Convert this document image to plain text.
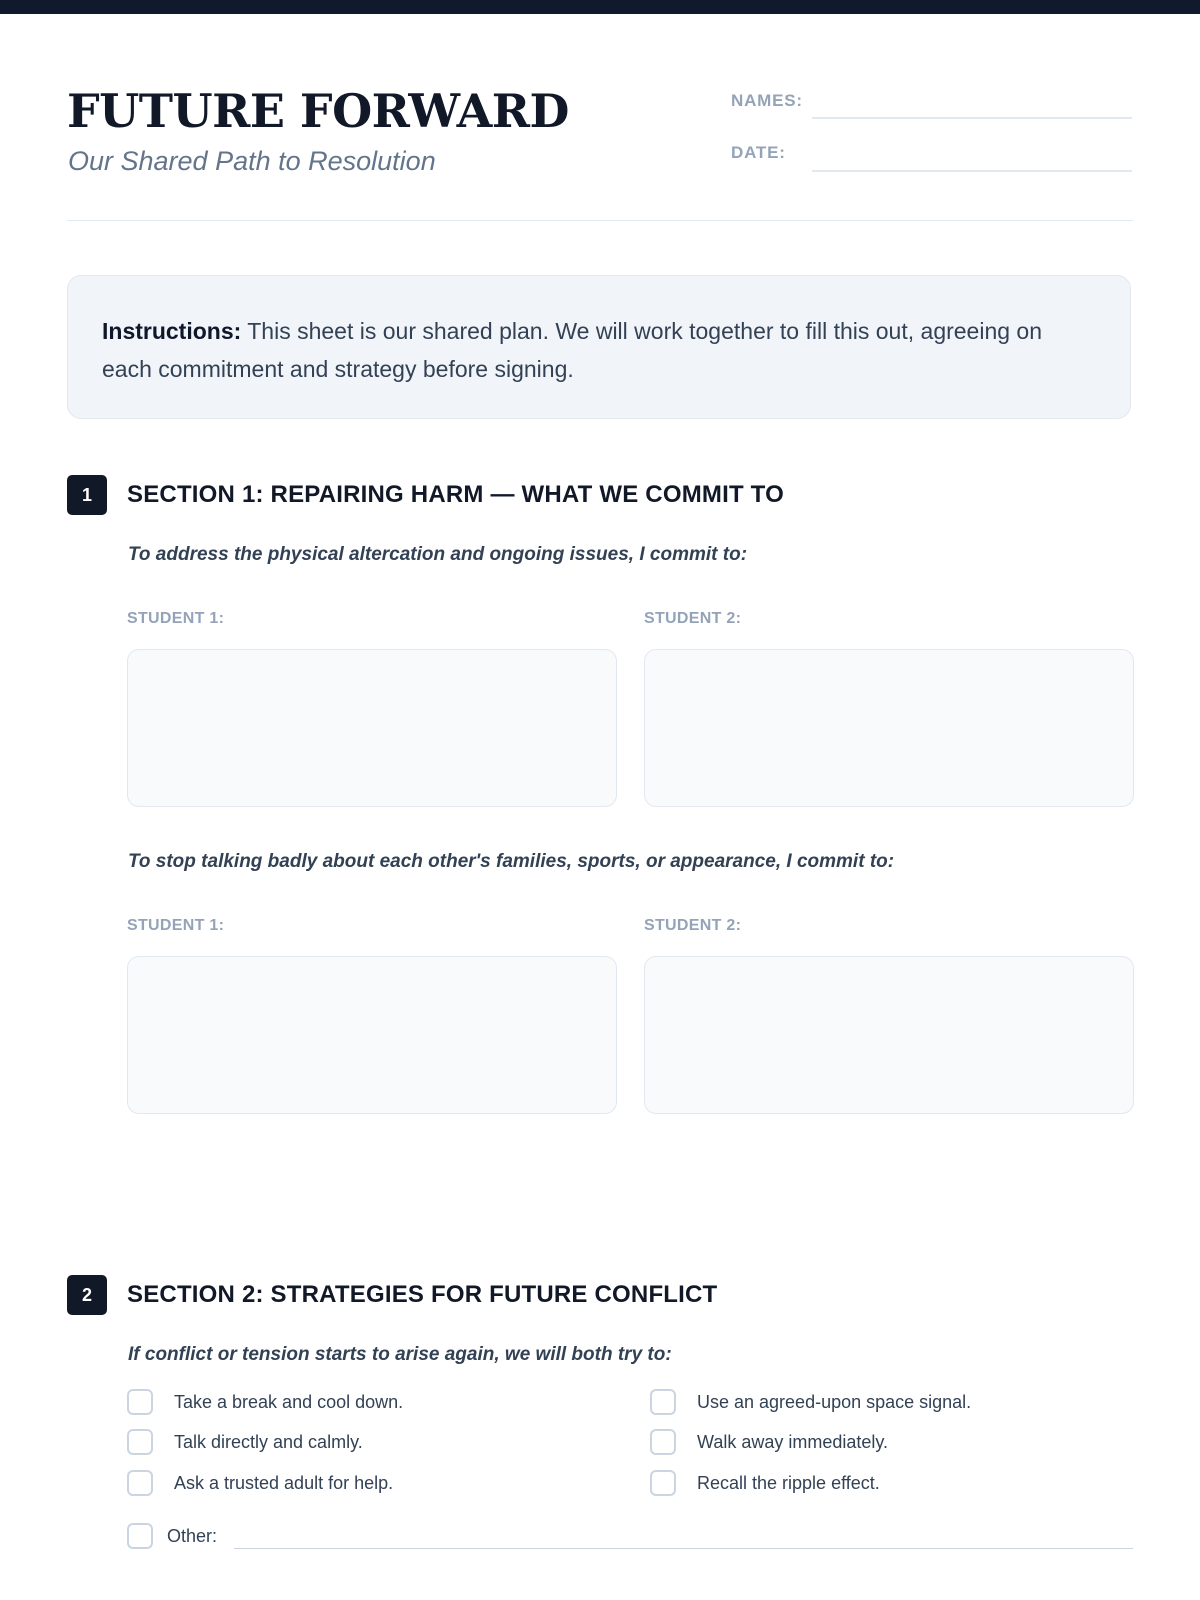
FUTURE FORWARD
Our Shared Path to Resolution
NAMES:
DATE:
Instructions: This sheet is our shared plan. We will work together to fill this out, agreeing on each commitment and strategy before signing.
1	SECTION 1: REPAIRING HARM — WHAT WE COMMIT TO
To address the physical altercation and ongoing issues, I commit to:
STUDENT 1:	STUDENT 2:
To stop talking badly about each other's families, sports, or appearance, I commit to:
STUDENT 1:	STUDENT 2:
2	SECTION 2: STRATEGIES FOR FUTURE CONFLICT
If conflict or tension starts to arise again, we will both try to:
Take a break and cool down.	Use an agreed-upon space signal.
Talk directly and calmly.	Walk away immediately.
Ask a trusted adult for help.	Recall the ripple effect.
Other:
